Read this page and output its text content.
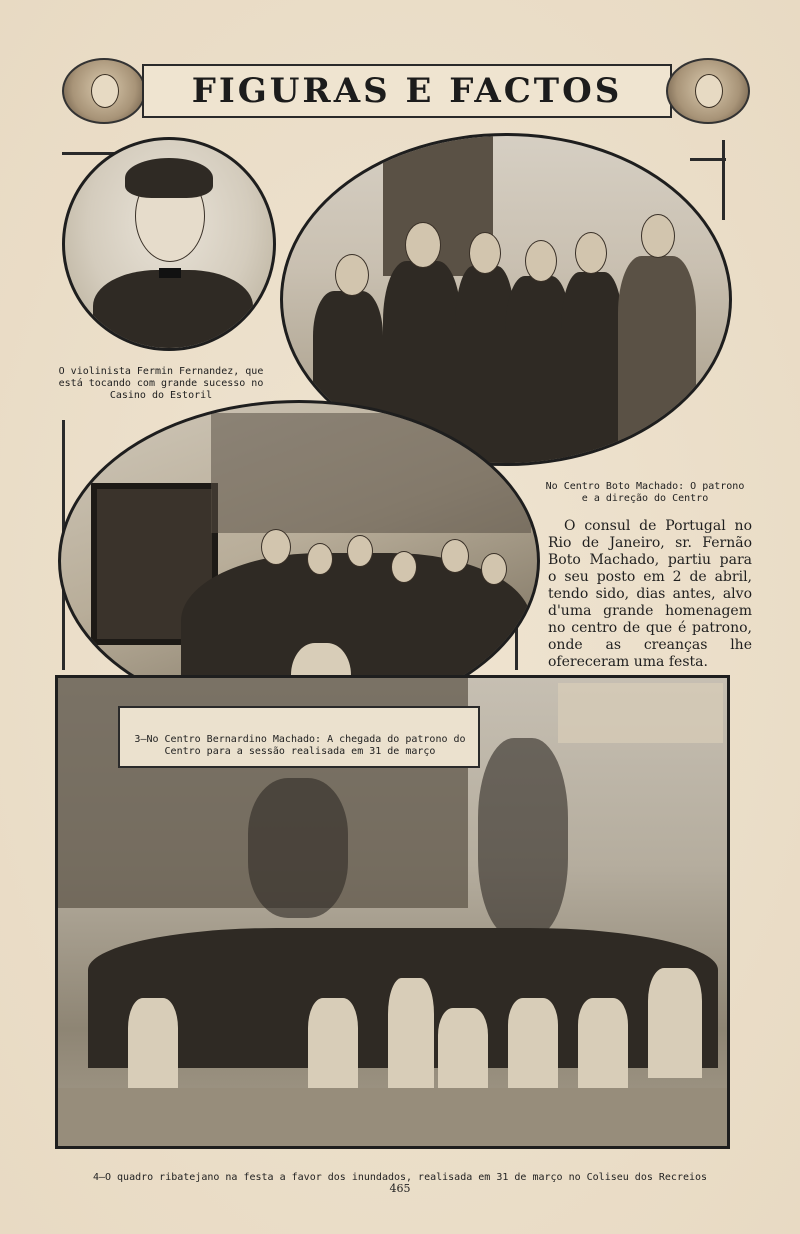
FIGURAS E FACTOS
O violinista Fermin Fernandez, que está tocando com grande sucesso no Casino do Estoril
No Centro Boto Machado: O patrono e a direção do Centro
3—No Centro Bernardino Machado: A chegada do patrono do Centro para a sessão realisada em 31 de março

O consul de Portugal no Rio de Janeiro, sr. Fernão Boto Machado, partiu para o seu posto em 2 de abril, tendo sido, dias antes, alvo d'uma grande homenagem no centro de que é patrono, onde as creanças lhe ofereceram uma festa.

4—O quadro ribatejano na festa a favor dos inundados, realisada em 31 de março no Coliseu dos Recreios
465
